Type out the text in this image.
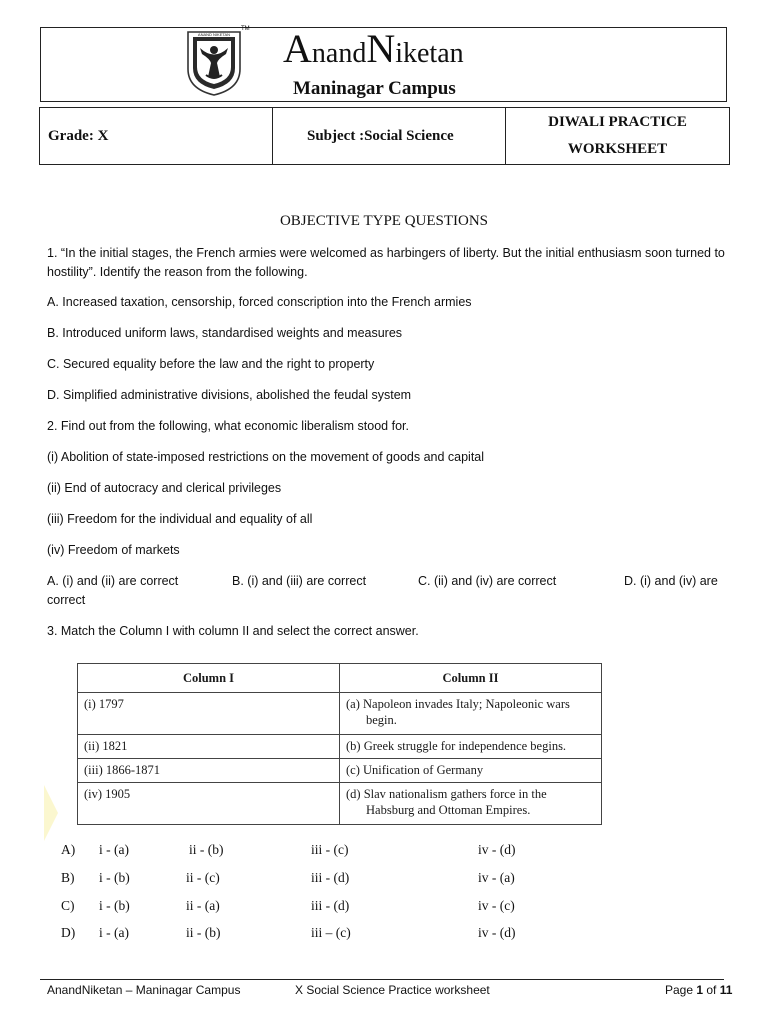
ANAND NIKETAN
TM AnandNiketan
Maninagar Campus
Grade: X	Subject :Social Science	DIWALI PRACTICE
WORKSHEET
OBJECTIVE TYPE QUESTIONS
1. “In the initial stages, the French armies were welcomed as harbingers of liberty. But the initial enthusiasm soon turned to hostility”. Identify the reason from the following.
A. Increased taxation, censorship, forced conscription into the French armies
B. Introduced uniform laws, standardised weights and measures
C. Secured equality before the law and the right to property
D. Simplified administrative divisions, abolished the feudal system
2. Find out from the following, what economic liberalism stood for.
(i) Abolition of state-imposed restrictions on the movement of goods and capital
(ii) End of autocracy and clerical privileges
(iii) Freedom for the individual and equality of all
(iv) Freedom of markets
A. (i) and (ii) are correct	B. (i) and (iii) are correct	C. (ii) and (iv) are correct	D. (i) and (iv) are
correct
3. Match the Column I with column II and select the correct answer.
Column I	Column II
(i) 1797	(a) Napoleon invades Italy; Napoleonic wars begin.

(ii) 1821	(b) Greek struggle for independence begins.

(iii) 1866-1871	(c) Unification of Germany

(iv) 1905	(d) Slav nationalism gathers force in the Habsburg and Ottoman Empires.
A) i - (a)	ii - (b)	iii - (c)	iv - (d)
B) i - (b)	ii - (c)	iii - (d)	iv - (a)
C) i - (b)	ii - (a)	iii - (d)	iv - (c)
D) i - (a)	ii - (b)	iii – (c)	iv - (d)
AnandNiketan – Maninagar Campus	X Social Science Practice worksheet	Page 1 of 11
